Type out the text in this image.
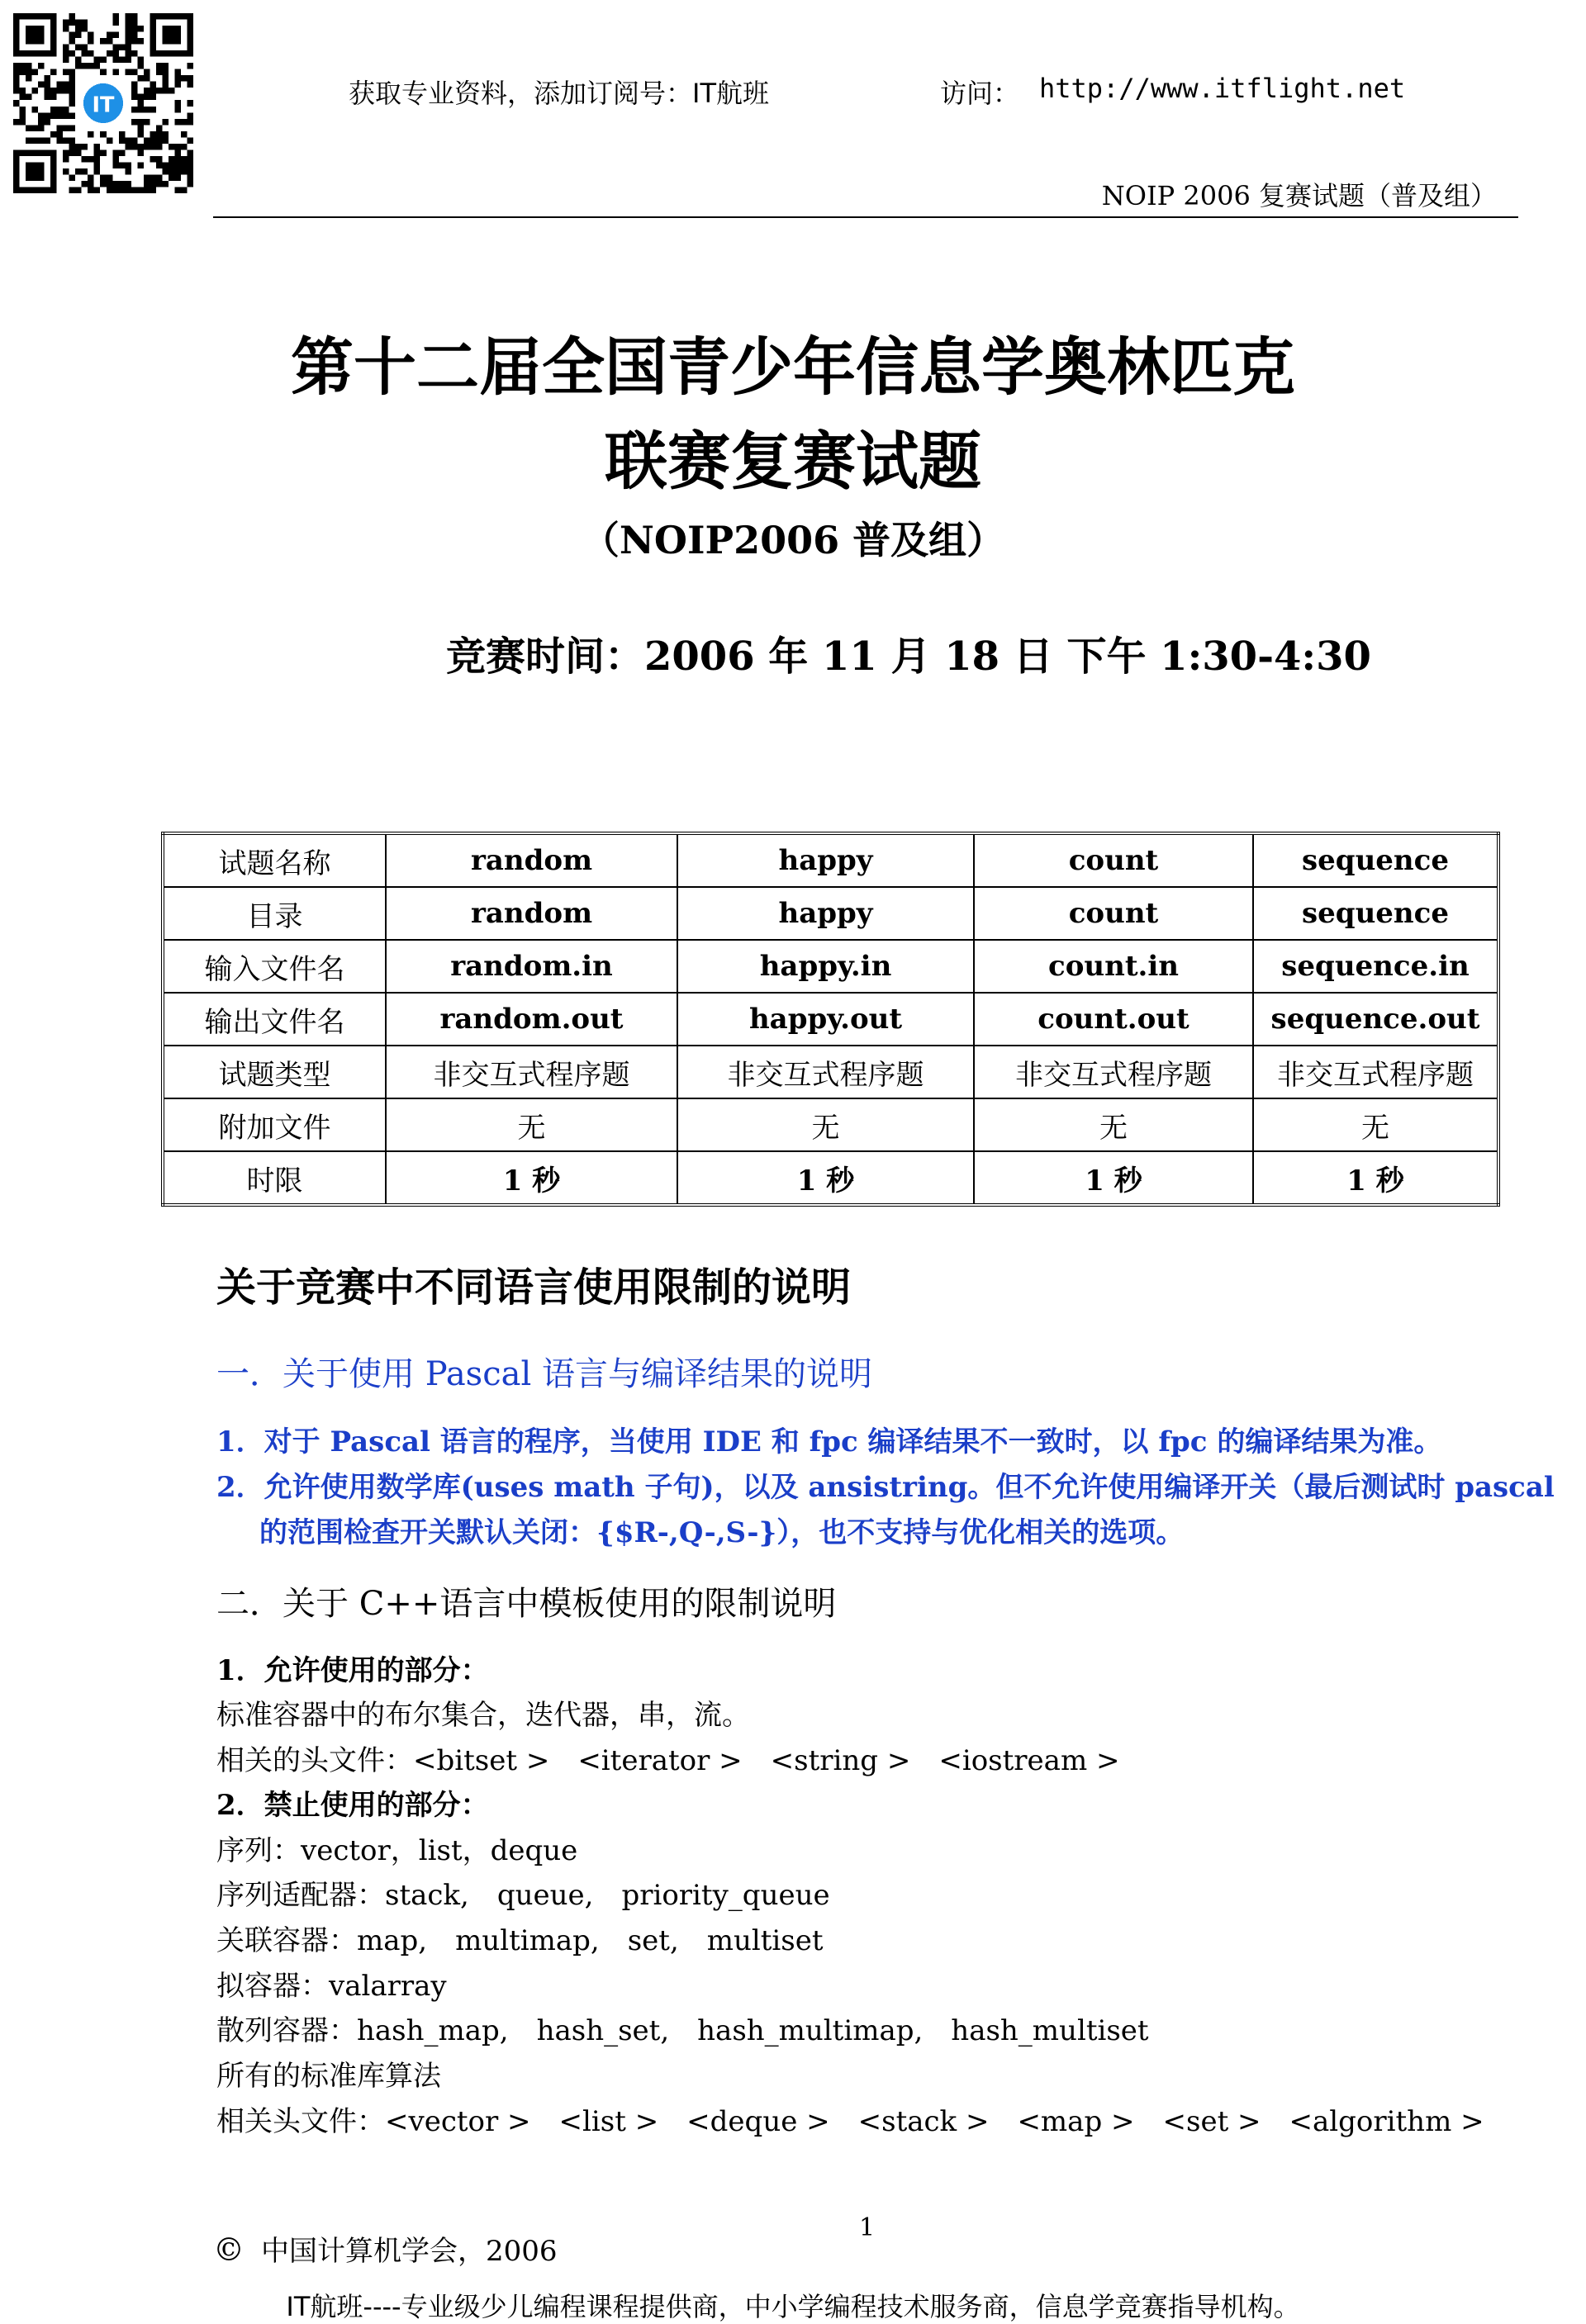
IT	获取专业资料，添加订阅号：IT航班	访问： http://www.itflight.net
NOIP 2006 复赛试题（普及组）
第十二届全国青少年信息学奥林匹克
联赛复赛试题
（NOIP2006 普及组）
竞赛时间：2006 年 11 月 18 日 下午 1:30-4:30
试题名称	random	happy	count	sequence
目录	random	happy	count	sequence
输入文件名	random.in	happy.in	count.in	sequence.in
输出文件名	random.out	happy.out	count.out	sequence.out
试题类型	非交互式程序题	非交互式程序题	非交互式程序题	非交互式程序题
附加文件	无	无	无	无
时限	1 秒	1 秒	1 秒	1 秒
关于竞赛中不同语言使用限制的说明
一．关于使用 Pascal 语言与编译结果的说明
1．对于 Pascal 语言的程序，当使用 IDE 和 fpc 编译结果不一致时，以 fpc 的编译结果为准。
2．允许使用数学库(uses math 子句)，以及 ansistring。但不允许使用编译开关（最后测试时 pascal
的范围检查开关默认关闭：{$R-,Q-,S-}），也不支持与优化相关的选项。
二．关于 C++语言中模板使用的限制说明
1．允许使用的部分：
标准容器中的布尔集合，迭代器，串，流。
相关的头文件：<bitset >　<iterator >　<string >　<iostream >
2．禁止使用的部分：
序列：vector，list，deque
序列适配器：stack,　queue,　priority_queue
关联容器：map,　multimap,　set,　multiset
拟容器：valarray
散列容器：hash_map,　hash_set,　hash_multimap,　hash_multiset
所有的标准库算法
相关头文件：<vector >　<list >　<deque >　<stack >　<map >　<set >　<algorithm >
1
© 中国计算机学会，2006
IT航班----专业级少儿编程课程提供商，中小学编程技术服务商，信息学竞赛指导机构。
